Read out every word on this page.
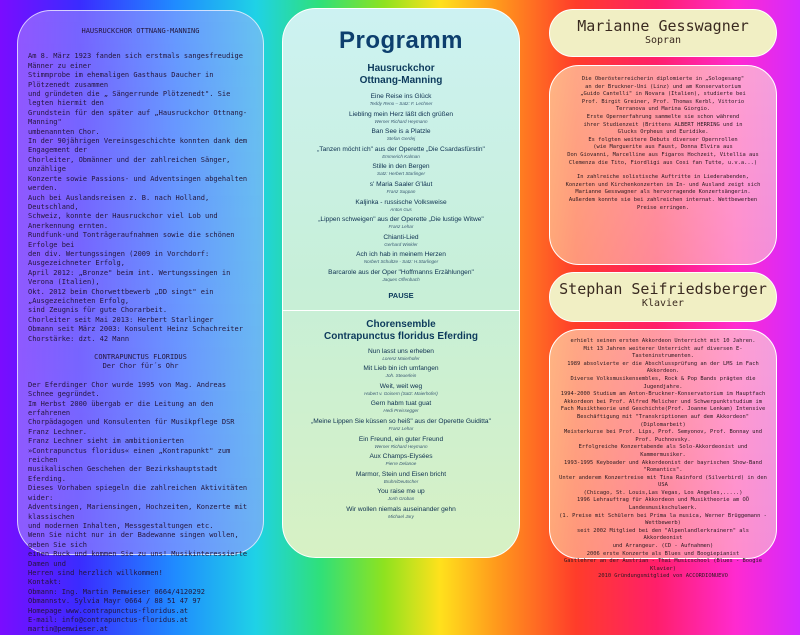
HAUSRUCKCHOR OTTNANG-MANNING

Am 8. März 1923 fanden sich erstmals sangesfreudige Männer zu einer

Stimmprobe im ehemaligen Gasthaus Daucher in Plötzenedt zusammen

und gründeten die „ Sängerrunde Plötzenedt". Sie legten hiermit den

Grundstein für den später auf „Hausruckchor Ottnang-Manning"

umbenannten Chor.

In der 90jährigen Vereinsgeschichte konnten dank dem Engagement der

Chorleiter, Obmänner und der zahlreichen Sänger, unzählige

Konzerte sowie Passions- und Adventsingen abgehalten werden.

Auch bei Auslandsreisen z. B. nach Holland, Deutschland,

Schweiz, konnte der Hausruckchor viel Lob und Anerkennung ernten.

Rundfunk-und Tonträgeraufnahmen sowie die schönen Erfolge bei

den div. Wertungssingen (2009 in Vorchdorf: Ausgezeichneter Erfolg,

April 2012: „Bronze" beim int. Wertungssingen in Verona (Italien),

Okt. 2012 beim Chorwettbewerb „DD singt" ein „Ausgezeichneten Erfolg,

sind Zeugnis für gute Chorarbeit.

Chorleiter seit Mai 2013: Herbert Starlinger

Obmann seit März 2003: Konsulent Heinz Schachreiter

Chorstärke: dzt. 42 Mann

CONTRAPUNCTUS FLORIDUS
Der Chor für´s Ohr

Der Eferdinger Chor wurde 1995 von Mag. Andreas Schnee gegründet.

Im Herbst 2000 übergab er die Leitung an den erfahrenen

Chorpädagogen und Konsulenten für Musikpflege DSR Franz Lechner.

Franz Lechner sieht im ambitionierten

»Contrapunctus floridus« einen „Kontrapunkt" zum reichen

musikalischen Geschehen der Bezirkshauptstadt Eferding.

Dieses Vorhaben spiegeln die zahlreichen Aktivitäten wider:

Adventsingen, Mariensingen, Hochzeiten, Konzerte mit klassischen

und modernen Inhalten, Messgestaltungen etc.

Wenn Sie nicht nur in der Badewanne singen wollen, geben Sie sich

einen Ruck und kommen Sie zu uns! Musikinteressierte Damen und

Herren sind herzlich willkommen!

Kontakt:

Obmann: Ing. Martin Pemwieser 0664/4120292

Obmannstv. Sylvia Mayr 0664 / 88 51 47 97

Homepage www.contrapunctus-floridus.at

E-mail: info@contrapunctus-floridus.at

martin@pemwieser.at

Programm
Hausruckchor
Ottnang-Manning
Eine Reise ins Glück
Teddy Reno – Satz: F. Lechner
Liebling mein Herz läßt dich grüßen
Werner Richard Heymann
Ban See is a Platzle
Stefan Gerdej
„Tanzen möcht ich" aus der Operette „Die Csardasfürstin"
Emmerich Kalman
Stille in den Bergen
Satz: Herbert Starlinger
s' Maria Saaler G'läut
Franz Suppan
Kaljinka - russische Volksweise
Anton Gus
„Lippen schweigen" aus der Operette „Die lustige Witwe"
Franz Lehar
Chianti-Lied
Gerhard Winkler
Ach ich hab in meinem Herzen
Norbert Schultze - Satz: H.Starlinger
Barcarole aus der Oper "Hoffmanns Erzählungen"
Jaques Offenbach
PAUSE
Chorensemble
Contrapunctus floridus Eferding
Nun lasst uns erheben
Lorenz Maierhofer
Mit Lieb bin ich umfangen
Joh. Steuerlein
Weit, weit weg
Hubert v. Goisern (Satz: Maierhofer)
Gern habm tuat guat
Hedi Preissegger
„Meine Lippen Sie küssen so heiß" aus der Operette Guiditta"
Franz Lehar
Ein Freund, ein guter Freund
Werner Richard Heymann
Aux Champs-Elysées
Pierre Delanoe
Marmor, Stein und Eisen bricht
Bruhn/Deutscher
You raise me up
Jonh Groban
Wir wollen niemals auseinander gehn
Michael Jary
Marianne Gesswagner
Sopran

Die Oberösterreicherin diplomierte in „Sologesang"

an der Bruckner-Uni (Linz) und am Konservatorium

„Guido Cantelli" in Novara (Italien), studierte bei

Prof. Birgit Greiner, Prof. Thomas Kerbl, Vittorio

Terranova und Marina Giorgio.

Erste Opernerfahrung sammelte sie schon während

ihrer Studienzeit (Brittens ALBERT HERRING und in

Glucks Orpheus und Euridike.

Es folgten weitere Debuts diverser Opernrollen

(wie Marguerite aus Faust, Donna Elvira aus

Don Giovanni, Marcelline aus Figaros Hochzeit, Vitellia aus

Clemenza die Tito, Fiordligi aus Cosi fan Tutte, u.v.a...)

In zahlreiche solistische Auftritte in Liederabenden,

Konzerten und Kirchenkonzerten im In- und Ausland zeigt sich

Marianne Gesswagner als hervorragende Konzertsängerin.

Außerdem konnte sie bei zahlreichen internat. Wettbewerben

Preise erringen.

Stephan Seifriedsberger
Klavier

erhielt seinen ersten Akkordeon Unterricht mit 10 Jahren.

Mit 13 Jahren weiterer Unterricht auf diversen E-Tasteninstrumenten.

1989 absolvierte er die Abschlussprüfung an der LMS im Fach Akkordeon.

Diverse Volksmusikensembles, Rock & Pop Bands prägten die Jugendjahre.

1994-2000 Studium am Anton-Bruckner-Konservatorium im Hauptfach

Akkordeon bei Prof. Alfred Melicher und Schwerpunktstudium im

Fach Musiktheorie und Geschichte(Prof. Joanne Lenkam) Intensive

Beschäftigung mit "Transkriptionen auf dem Akkordeon" (Diplomarbeit)

Meisterkurse bei Prof. Lips, Prof. Semyonov, Prof. Bonnay und

Prof. Puchnovsky.

Erfolgreiche Konzertabende als Solo-Akkordeonist und Kammermusiker.

1993-1995 Keyboader und Akkordeonist der bayrischen Show-Band "Romantics".

Unter anderem Konzertreise mit Tina Rainford (Silverbird) in den USA

(Chicago, St. Louis,Las Vegas, Los Angeles,.....)

1996 Lehrauftrag für Akkordeon und Musiktheorie am OÖ Landesmusikschulwerk.

(1. Preise mit Schülern bei Prima la musica, Werner Brüggemann - Wettbewerb)

seit 2002 Mitglied bei den "Alpenlandlerkrainern" als Akkordeonist

und Arrangeur. (CD - Aufnahmen)

2006 erste Konzerte als Blues und Boogiepianist

Gastlehrer an der Austrian - Thai Musicschool (Blues - Boogie Klavier)

2010 Gründungsmitglied von ACCORDIONUEVO
